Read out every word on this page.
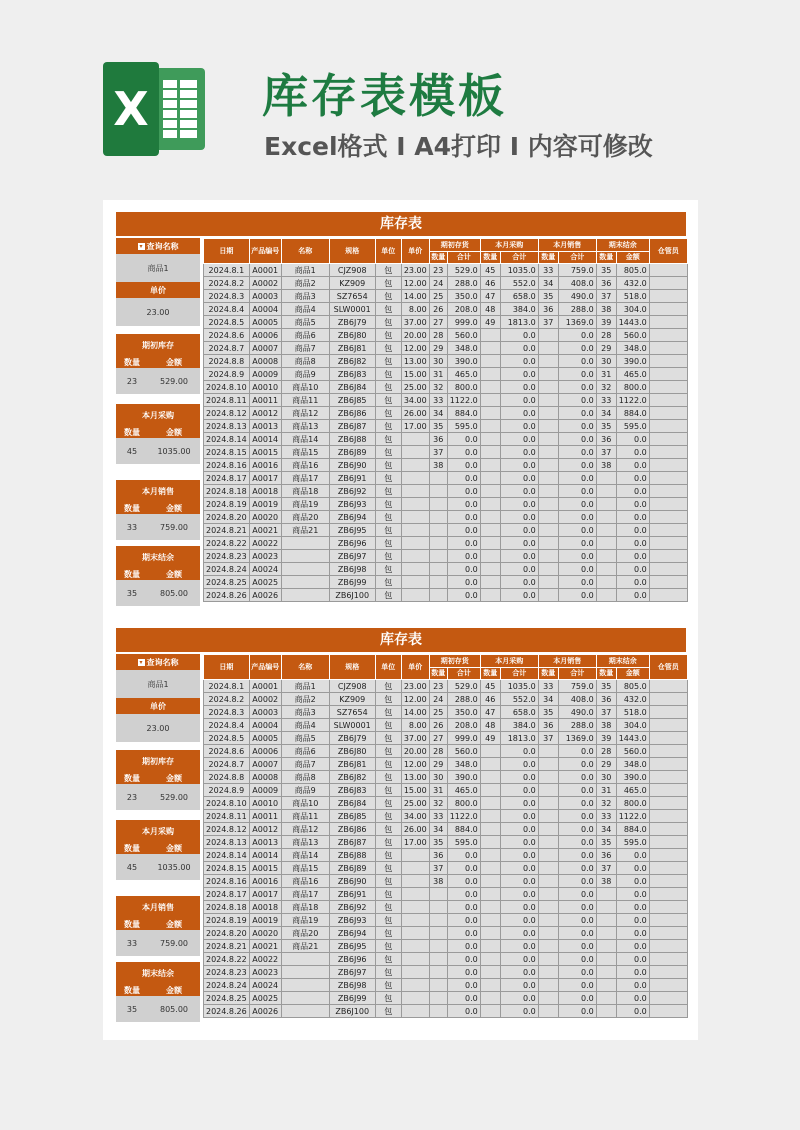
X 库存表模板
Excel格式 Ⅰ A4打印 Ⅰ 内容可修改
库存表
▾ 查询名称
商品1
单价
23.00
期初库存
数量	金额
23	529.00
本月采购
数量	金额
45	1035.00
本月销售
数量	金额
33	759.00
期末结余
数量	金额
35	805.00
日期	产品编号	名称	规格	单位	单价	期初存货		本月采购		本月销售		期末结余		仓管员
						数量	合计	数量	合计	数量	合计	数量	金额	
2024.8.1	A0001	商品1	CJZ908	包	23.00	23	529.0	45	1035.0	33	759.0	35	805.0	
2024.8.2	A0002	商品2	KZ909	包	12.00	24	288.0	46	552.0	34	408.0	36	432.0	
2024.8.3	A0003	商品3	SZ7654	包	14.00	25	350.0	47	658.0	35	490.0	37	518.0	
2024.8.4	A0004	商品4	SLW0001	包	8.00	26	208.0	48	384.0	36	288.0	38	304.0	
2024.8.5	A0005	商品5	ZB6J79	包	37.00	27	999.0	49	1813.0	37	1369.0	39	1443.0	
2024.8.6	A0006	商品6	ZB6J80	包	20.00	28	560.0		0.0		0.0	28	560.0	
2024.8.7	A0007	商品7	ZB6J81	包	12.00	29	348.0		0.0		0.0	29	348.0	
2024.8.8	A0008	商品8	ZB6J82	包	13.00	30	390.0		0.0		0.0	30	390.0	
2024.8.9	A0009	商品9	ZB6J83	包	15.00	31	465.0		0.0		0.0	31	465.0	
2024.8.10	A0010	商品10	ZB6J84	包	25.00	32	800.0		0.0		0.0	32	800.0	
2024.8.11	A0011	商品11	ZB6J85	包	34.00	33	1122.0		0.0		0.0	33	1122.0	
2024.8.12	A0012	商品12	ZB6J86	包	26.00	34	884.0		0.0		0.0	34	884.0	
2024.8.13	A0013	商品13	ZB6J87	包	17.00	35	595.0		0.0		0.0	35	595.0	
2024.8.14	A0014	商品14	ZB6J88	包		36	0.0		0.0		0.0	36	0.0	
2024.8.15	A0015	商品15	ZB6J89	包		37	0.0		0.0		0.0	37	0.0	
2024.8.16	A0016	商品16	ZB6J90	包		38	0.0		0.0		0.0	38	0.0	
2024.8.17	A0017	商品17	ZB6J91	包			0.0		0.0		0.0		0.0	
2024.8.18	A0018	商品18	ZB6J92	包			0.0		0.0		0.0		0.0	
2024.8.19	A0019	商品19	ZB6J93	包			0.0		0.0		0.0		0.0	
2024.8.20	A0020	商品20	ZB6J94	包			0.0		0.0		0.0		0.0	
2024.8.21	A0021	商品21	ZB6J95	包			0.0		0.0		0.0		0.0	
2024.8.22	A0022		ZB6J96	包			0.0		0.0		0.0		0.0	
2024.8.23	A0023		ZB6J97	包			0.0		0.0		0.0		0.0	
2024.8.24	A0024		ZB6J98	包			0.0		0.0		0.0		0.0	
2024.8.25	A0025		ZB6J99	包			0.0		0.0		0.0		0.0	
2024.8.26	A0026		ZB6J100	包			0.0		0.0		0.0		0.0	
库存表
▾ 查询名称
商品1
单价
23.00
期初库存
数量	金额
23	529.00
本月采购
数量	金额
45	1035.00
本月销售
数量	金额
33	759.00
期末结余
数量	金额
35	805.00
日期	产品编号	名称	规格	单位	单价	期初存货		本月采购		本月销售		期末结余		仓管员
						数量	合计	数量	合计	数量	合计	数量	金额	
2024.8.1	A0001	商品1	CJZ908	包	23.00	23	529.0	45	1035.0	33	759.0	35	805.0	
2024.8.2	A0002	商品2	KZ909	包	12.00	24	288.0	46	552.0	34	408.0	36	432.0	
2024.8.3	A0003	商品3	SZ7654	包	14.00	25	350.0	47	658.0	35	490.0	37	518.0	
2024.8.4	A0004	商品4	SLW0001	包	8.00	26	208.0	48	384.0	36	288.0	38	304.0	
2024.8.5	A0005	商品5	ZB6J79	包	37.00	27	999.0	49	1813.0	37	1369.0	39	1443.0	
2024.8.6	A0006	商品6	ZB6J80	包	20.00	28	560.0		0.0		0.0	28	560.0	
2024.8.7	A0007	商品7	ZB6J81	包	12.00	29	348.0		0.0		0.0	29	348.0	
2024.8.8	A0008	商品8	ZB6J82	包	13.00	30	390.0		0.0		0.0	30	390.0	
2024.8.9	A0009	商品9	ZB6J83	包	15.00	31	465.0		0.0		0.0	31	465.0	
2024.8.10	A0010	商品10	ZB6J84	包	25.00	32	800.0		0.0		0.0	32	800.0	
2024.8.11	A0011	商品11	ZB6J85	包	34.00	33	1122.0		0.0		0.0	33	1122.0	
2024.8.12	A0012	商品12	ZB6J86	包	26.00	34	884.0		0.0		0.0	34	884.0	
2024.8.13	A0013	商品13	ZB6J87	包	17.00	35	595.0		0.0		0.0	35	595.0	
2024.8.14	A0014	商品14	ZB6J88	包		36	0.0		0.0		0.0	36	0.0	
2024.8.15	A0015	商品15	ZB6J89	包		37	0.0		0.0		0.0	37	0.0	
2024.8.16	A0016	商品16	ZB6J90	包		38	0.0		0.0		0.0	38	0.0	
2024.8.17	A0017	商品17	ZB6J91	包			0.0		0.0		0.0		0.0	
2024.8.18	A0018	商品18	ZB6J92	包			0.0		0.0		0.0		0.0	
2024.8.19	A0019	商品19	ZB6J93	包			0.0		0.0		0.0		0.0	
2024.8.20	A0020	商品20	ZB6J94	包			0.0		0.0		0.0		0.0	
2024.8.21	A0021	商品21	ZB6J95	包			0.0		0.0		0.0		0.0	
2024.8.22	A0022		ZB6J96	包			0.0		0.0		0.0		0.0	
2024.8.23	A0023		ZB6J97	包			0.0		0.0		0.0		0.0	
2024.8.24	A0024		ZB6J98	包			0.0		0.0		0.0		0.0	
2024.8.25	A0025		ZB6J99	包			0.0		0.0		0.0		0.0	
2024.8.26	A0026		ZB6J100	包			0.0		0.0		0.0		0.0	
